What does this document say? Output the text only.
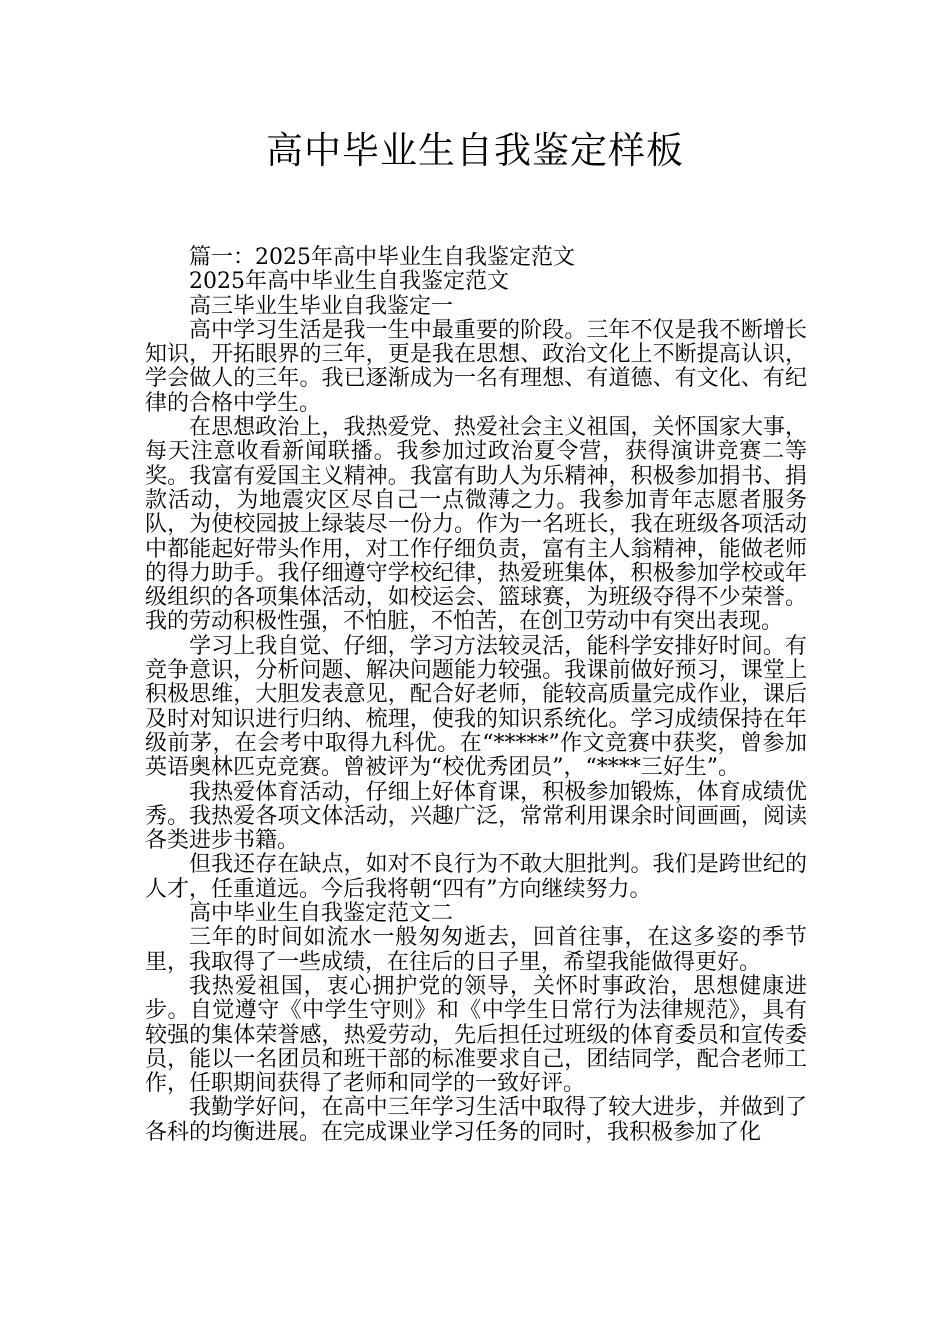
高中毕业生自我鉴定样板

篇一：2025年高中毕业生自我鉴定范文

2025年高中毕业生自我鉴定范文

高三毕业生毕业自我鉴定一

高中学习生活是我一生中最重要的阶段。三年不仅是我不断增长知识，开拓眼界的三年，更是我在思想、政治文化上不断提高认识，学会做人的三年。我已逐渐成为一名有理想、有道德、有文化、有纪律的合格中学生。

在思想政治上，我热爱党、热爱社会主义祖国，关怀国家大事，每天注意收看新闻联播。我参加过政治夏令营，获得演讲竞赛二等奖。我富有爱国主义精神。我富有助人为乐精神，积极参加捐书、捐款活动，为地震灾区尽自己一点微薄之力。我参加青年志愿者服务队，为使校园披上绿装尽一份力。作为一名班长，我在班级各项活动中都能起好带头作用，对工作仔细负责，富有主人翁精神，能做老师的得力助手。我仔细遵守学校纪律，热爱班集体，积极参加学校或年级组织的各项集体活动，如校运会、篮球赛，为班级夺得不少荣誉。我的劳动积极性强，不怕脏，不怕苦，在创卫劳动中有突出表现。

学习上我自觉、仔细，学习方法较灵活，能科学安排好时间。有竞争意识，分析问题、解决问题能力较强。我课前做好预习，课堂上积极思维，大胆发表意见，配合好老师，能较高质量完成作业，课后及时对知识进行归纳、梳理，使我的知识系统化。学习成绩保持在年级前茅，在会考中取得九科优。在“*****”作文竞赛中获奖，曾参加英语奥林匹克竞赛。曾被评为“校优秀团员”，“****三好生”。

我热爱体育活动，仔细上好体育课，积极参加锻炼，体育成绩优秀。我热爱各项文体活动，兴趣广泛，常常利用课余时间画画，阅读各类进步书籍。

但我还存在缺点，如对不良行为不敢大胆批判。我们是跨世纪的人才，任重道远。今后我将朝“四有”方向继续努力。

高中毕业生自我鉴定范文二

三年的时间如流水一般匆匆逝去，回首往事，在这多姿的季节里，我取得了一些成绩，在往后的日子里，希望我能做得更好。

我热爱祖国，衷心拥护党的领导，关怀时事政治，思想健康进步。自觉遵守《中学生守则》和《中学生日常行为法律规范》，具有较强的集体荣誉感，热爱劳动，先后担任过班级的体育委员和宣传委员，能以一名团员和班干部的标准要求自己，团结同学，配合老师工作，任职期间获得了老师和同学的一致好评。

我勤学好问，在高中三年学习生活中取得了较大进步，并做到了各科的均衡进展。在完成课业学习任务的同时，我积极参加了化
